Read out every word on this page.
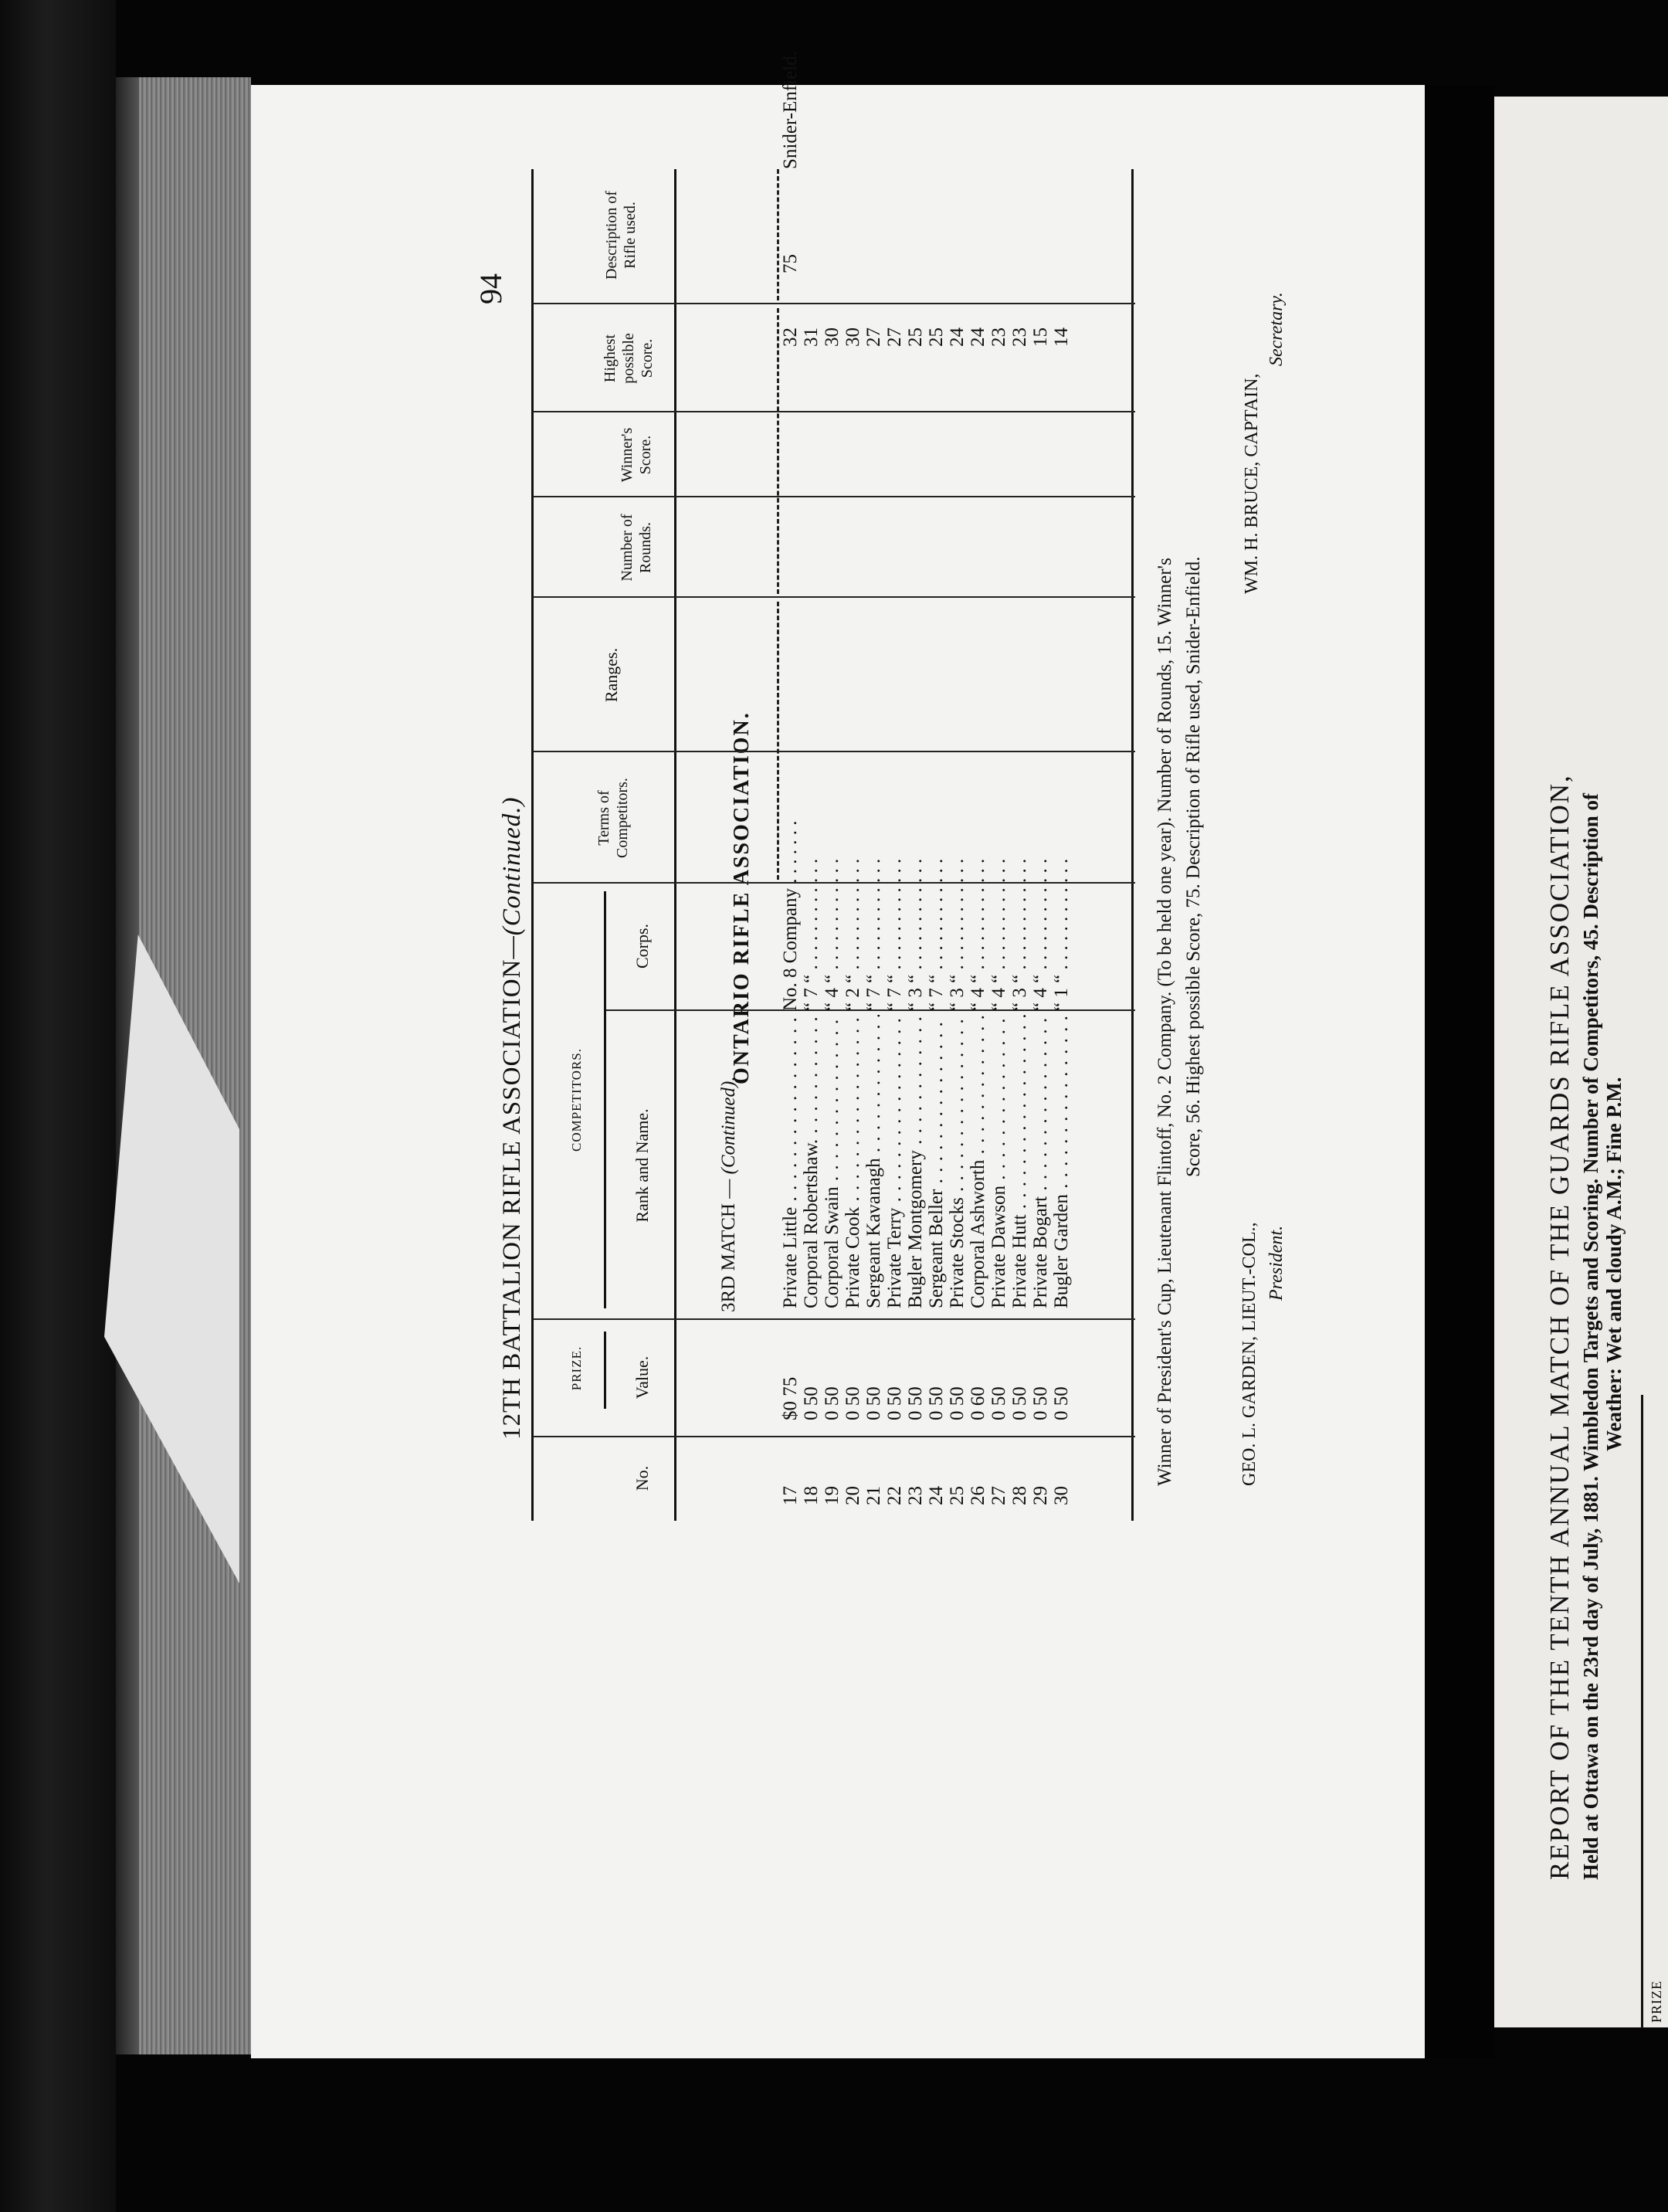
94
ONTARIO RIFLE ASSOCIATION.
12TH BATTALION RIFLE ASSOCIATION—(Continued.)
PRIZE.
COMPETITORS.
No.
Value.
Rank and Name.
Corps.
Terms of Competitors.
Ranges.
Number of Rounds.
Winner's Score.
Highest possible Score.
Description of Rifle used.
3RD MATCH — (Continued).
17
$0 75
Private Little . . .
No. 8 Company . . .
32
75
Snider-Enfield.
18
0 50
Corporal Robertshaw. . . .
“ 7 “ . . .
31
19
0 50
Corporal Swain . . .
“ 4 “ . . .
30
20
0 50
Private Cook . . .
“ 2 “ . . .
30
21
0 50
Sergeant Kavanagh . . .
“ 7 “ . . .
27
22
0 50
Private Terry . . .
“ 7 “ . . .
27
23
0 50
Bugler Montgomery . . .
“ 3 “ . . .
25
24
0 50
Sergeant Beller . . .
“ 7 “ . . .
25
25
0 50
Private Stocks . . .
“ 3 “ . . .
24
26
0 60
Corporal Ashworth . . .
“ 4 “ . . .
24
27
0 50
Private Dawson . . .
“ 4 “ . . .
23
28
0 50
Private Hutt . . .
“ 3 “ . . .
23
29
0 50
Private Bogart . . .
“ 4 “ . . .
15
30
0 50
Bugler Garden . . .
“ 1 “ . . .
14
Winner of President's Cup, Lieutenant Flintoff, No. 2 Company. (To be held one year). Number of Rounds, 15. Winner's Score, 56. Highest possible Score, 75. Description of Rifle used, Snider-Enfield.
GEO. L. GARDEN, LIEUT.-COL., President.
WM. H. BRUCE, CAPTAIN,
Secretary.
REPORT OF THE TENTH ANNUAL MATCH OF THE GUARDS RIFLE ASSOCIATION, Held at Ottawa on the 23rd day of July, 1881. Wimbledon Targets and Scoring. Number of Competitors, 45. Description of Weather: Wet and cloudy A.M.; Fine P.M.
PRIZE
